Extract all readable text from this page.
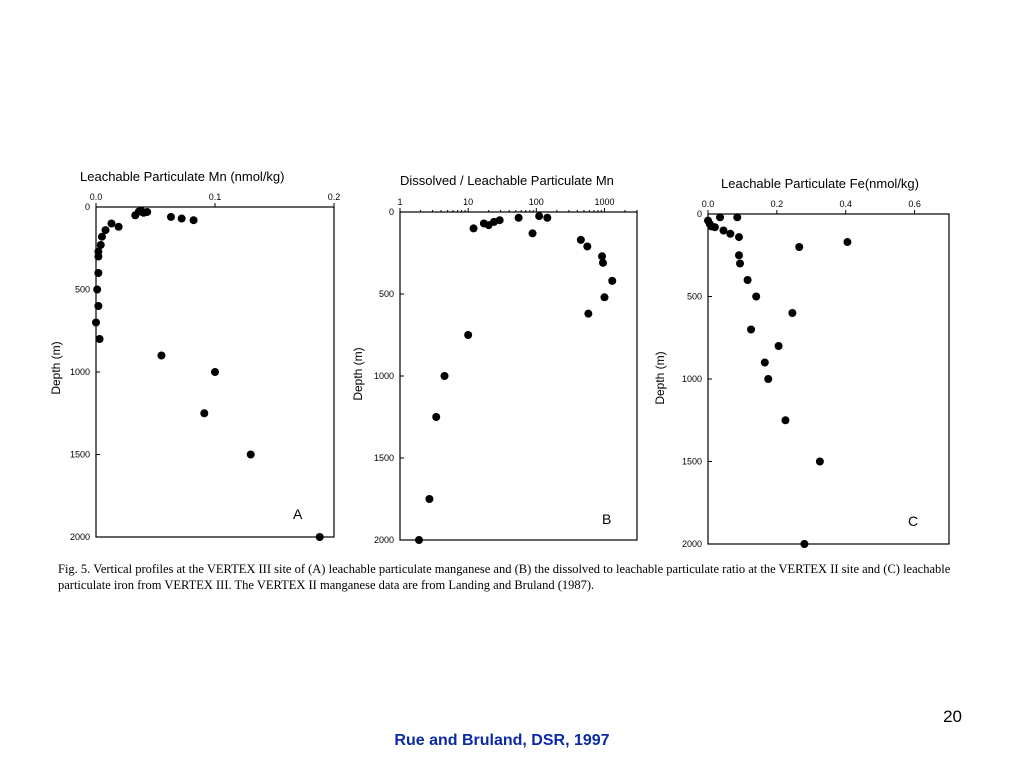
Leachable Particulate Mn (nmol/kg)
0.0	0.1	0.2
0
500
1000
1500
2000
Depth (m)
A
Dissolved / Leachable Particulate Mn
1	10	100	1000
0
500
1000
1500
2000
Depth (m)
B
Leachable Particulate Fe(nmol/kg)
0.0	0.2	0.4	0.6
0
500
1000
1500
2000
Depth (m)
C
Fig. 5. Vertical profiles at the VERTEX III site of (A) leachable particulate manganese and (B) the dissolved to leachable particulate ratio at the VERTEX II site and (C) leachable particulate iron from VERTEX III. The VERTEX II manganese data are from Landing and Bruland (1987).
20
Rue and Bruland, DSR, 1997
